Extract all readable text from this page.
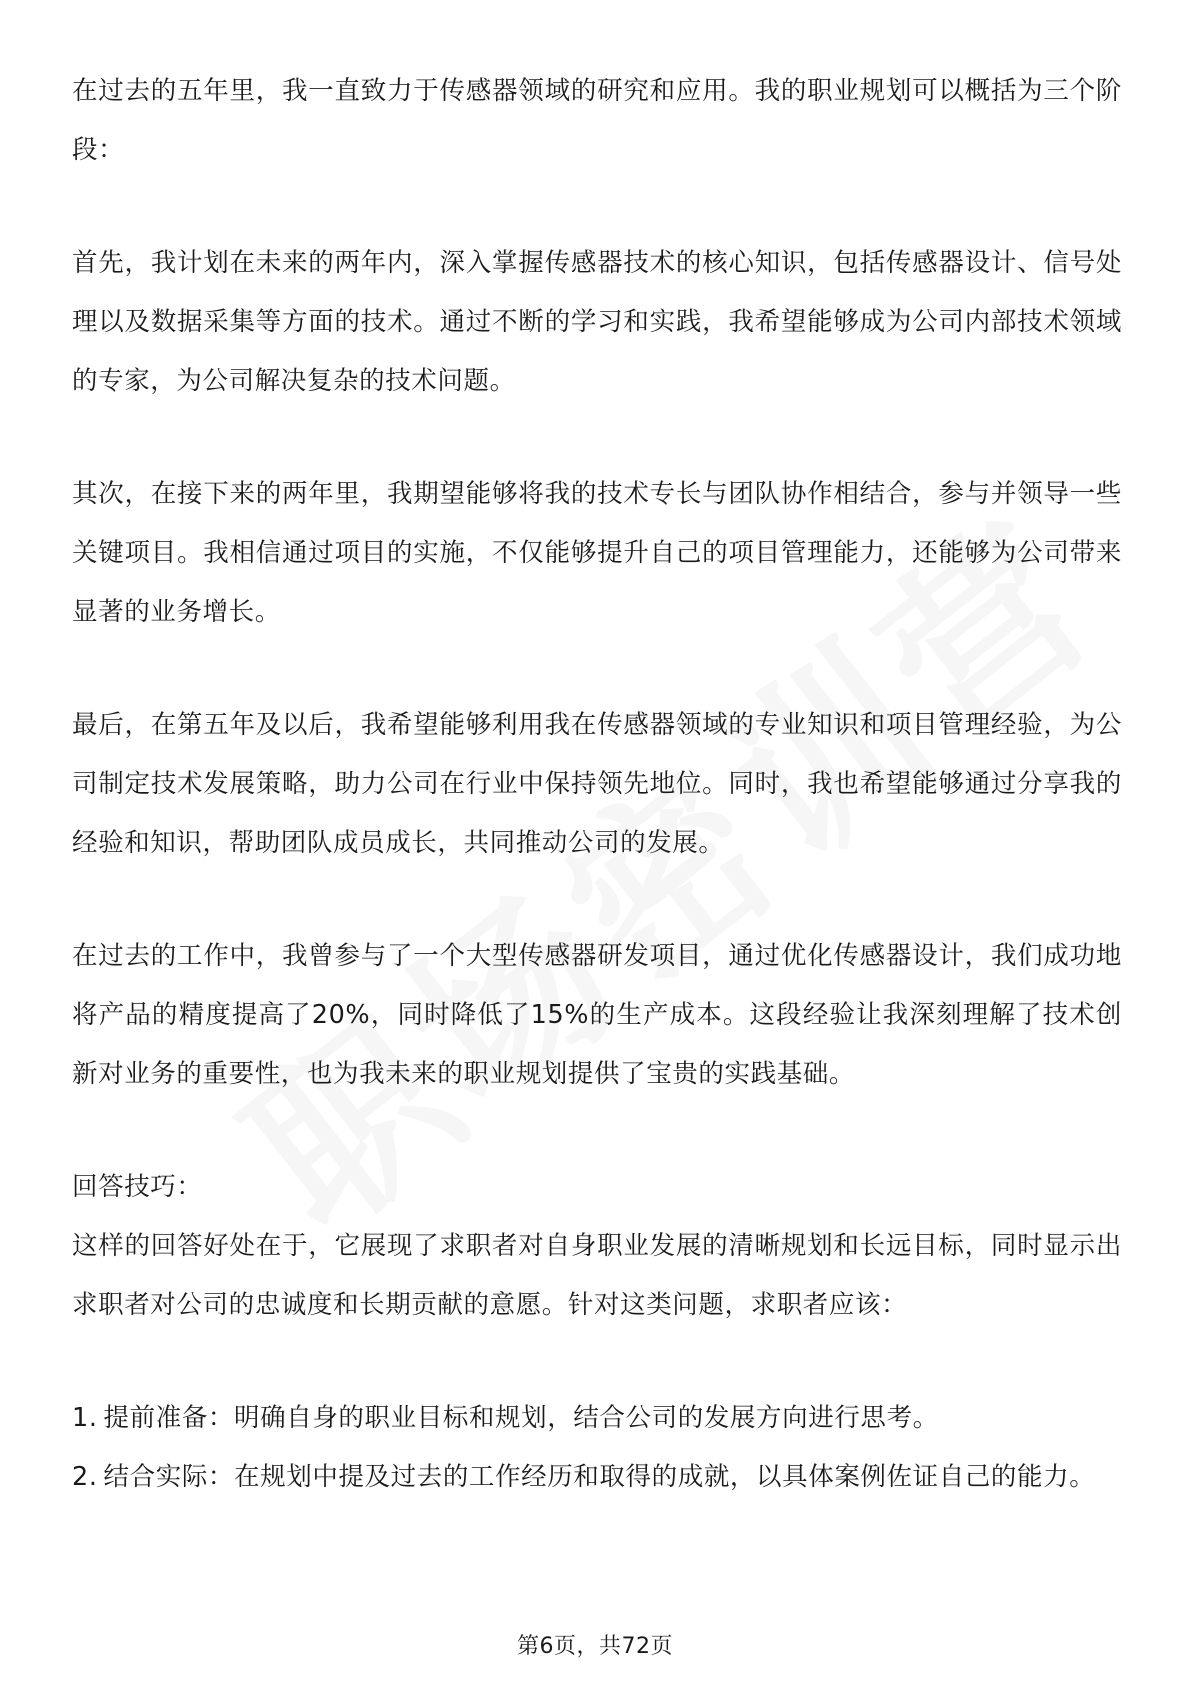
在过去的五年里，我一直致力于传感器领域的研究和应用。我的职业规划可以概括为三个阶段：

首先，我计划在未来的两年内，深入掌握传感器技术的核心知识，包括传感器设计、信号处理以及数据采集等方面的技术。通过不断的学习和实践，我希望能够成为公司内部技术领域的专家，为公司解决复杂的技术问题。

其次，在接下来的两年里，我期望能够将我的技术专长与团队协作相结合，参与并领导一些关键项目。我相信通过项目的实施，不仅能够提升自己的项目管理能力，还能够为公司带来显著的业务增长。

最后，在第五年及以后，我希望能够利用我在传感器领域的专业知识和项目管理经验，为公司制定技术发展策略，助力公司在行业中保持领先地位。同时，我也希望能够通过分享我的经验和知识，帮助团队成员成长，共同推动公司的发展。

在过去的工作中，我曾参与了一个大型传感器研发项目，通过优化传感器设计，我们成功地将产品的精度提高了20%，同时降低了15%的生产成本。这段经验让我深刻理解了技术创新对业务的重要性，也为我未来的职业规划提供了宝贵的实践基础。

回答技巧：

这样的回答好处在于，它展现了求职者对自身职业发展的清晰规划和长远目标，同时显示出求职者对公司的忠诚度和长期贡献的意愿。针对这类问题，求职者应该：

1. 提前准备：明确自身的职业目标和规划，结合公司的发展方向进行思考。

2. 结合实际：在规划中提及过去的工作经历和取得的成就，以具体案例佐证自己的能力。

第6页，共72页
